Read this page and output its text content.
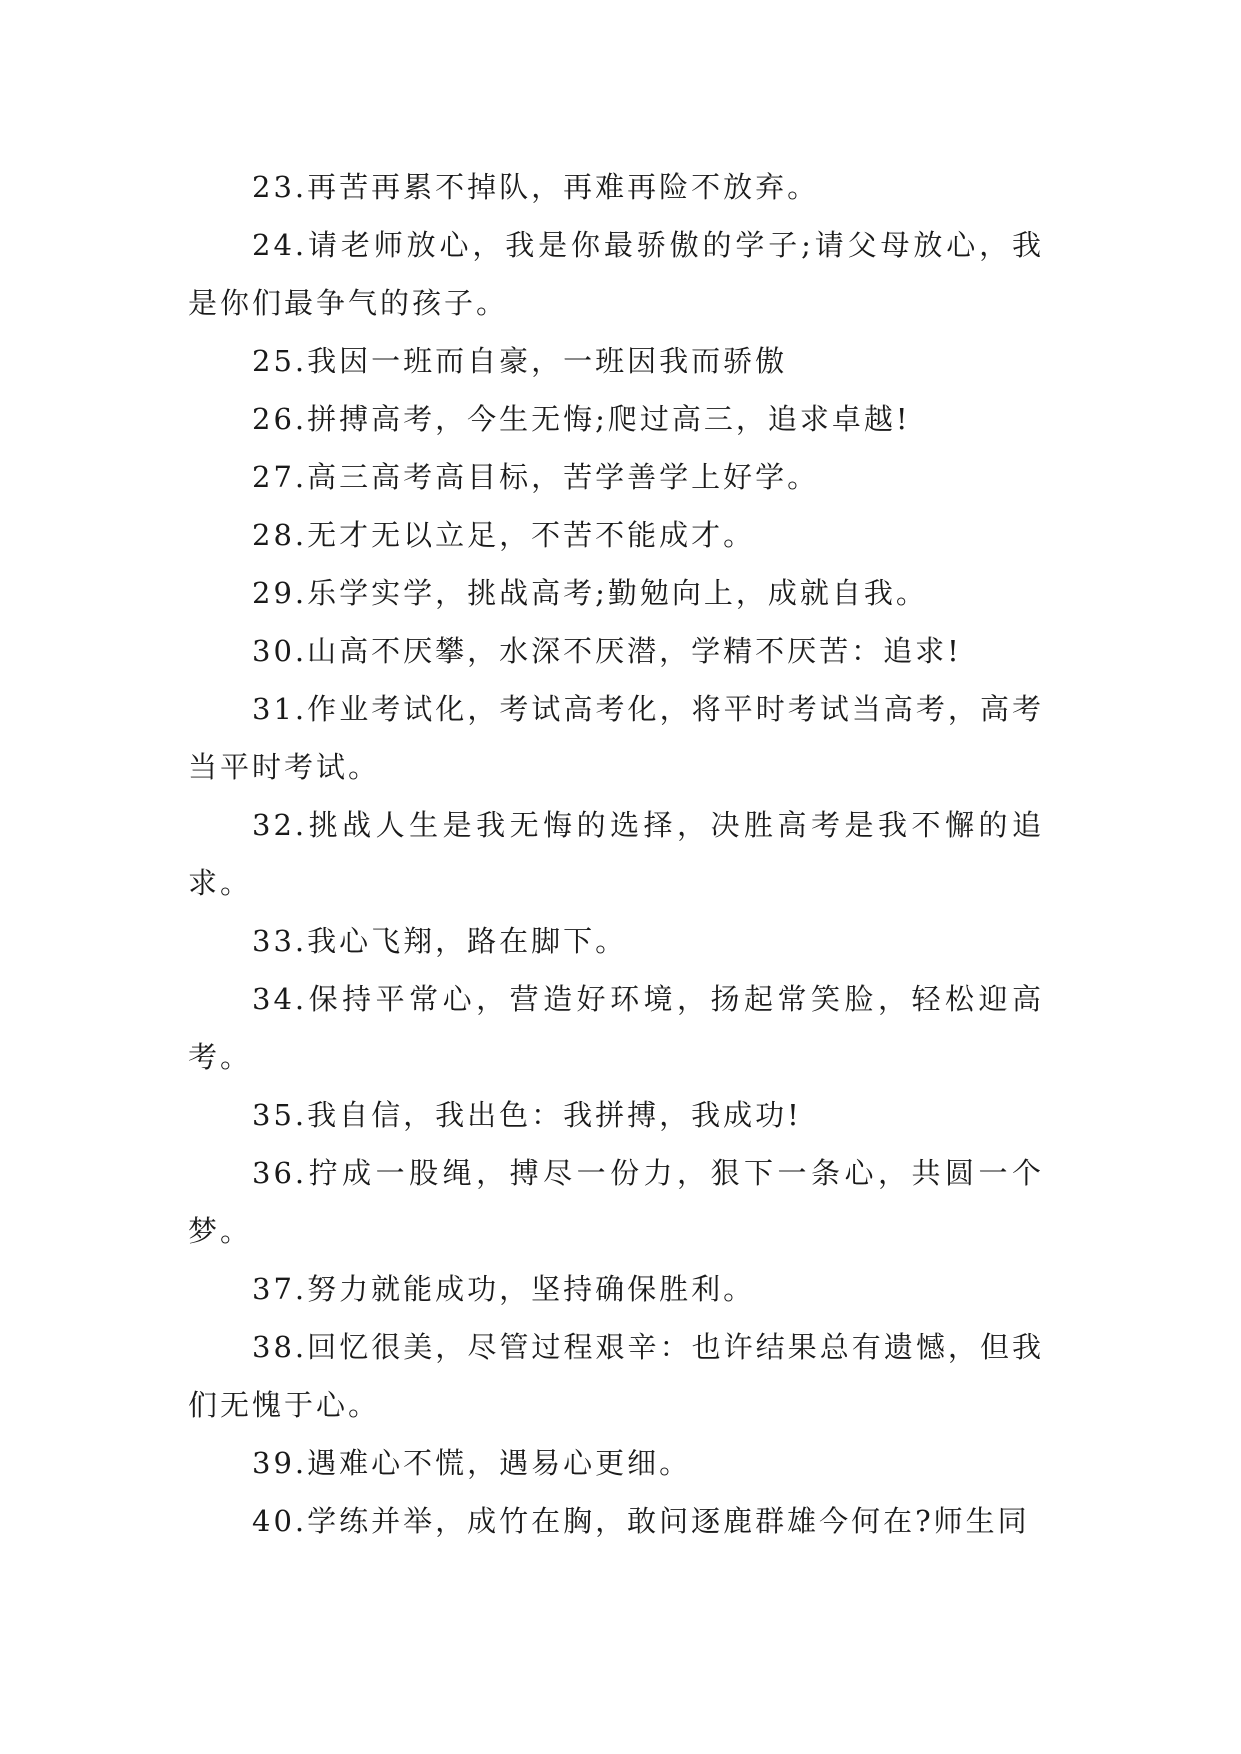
23.再苦再累不掉队，再难再险不放弃。

24.请老师放心，我是你最骄傲的学子;请父母放心，我是你们最争气的孩子。

25.我因一班而自豪，一班因我而骄傲

26.拼搏高考，今生无悔;爬过高三，追求卓越!

27.高三高考高目标，苦学善学上好学。

28.无才无以立足，不苦不能成才。

29.乐学实学，挑战高考;勤勉向上，成就自我。

30.山高不厌攀，水深不厌潜，学精不厌苦：追求!

31.作业考试化，考试高考化，将平时考试当高考，高考当平时考试。

32.挑战人生是我无悔的选择，决胜高考是我不懈的追求。

33.我心飞翔，路在脚下。

34.保持平常心，营造好环境，扬起常笑脸，轻松迎高考。

35.我自信，我出色：我拼搏，我成功!

36.拧成一股绳，搏尽一份力，狠下一条心，共圆一个梦。

37.努力就能成功，坚持确保胜利。

38.回忆很美，尽管过程艰辛：也许结果总有遗憾，但我们无愧于心。

39.遇难心不慌，遇易心更细。

40.学练并举，成竹在胸，敢问逐鹿群雄今何在?师生同
